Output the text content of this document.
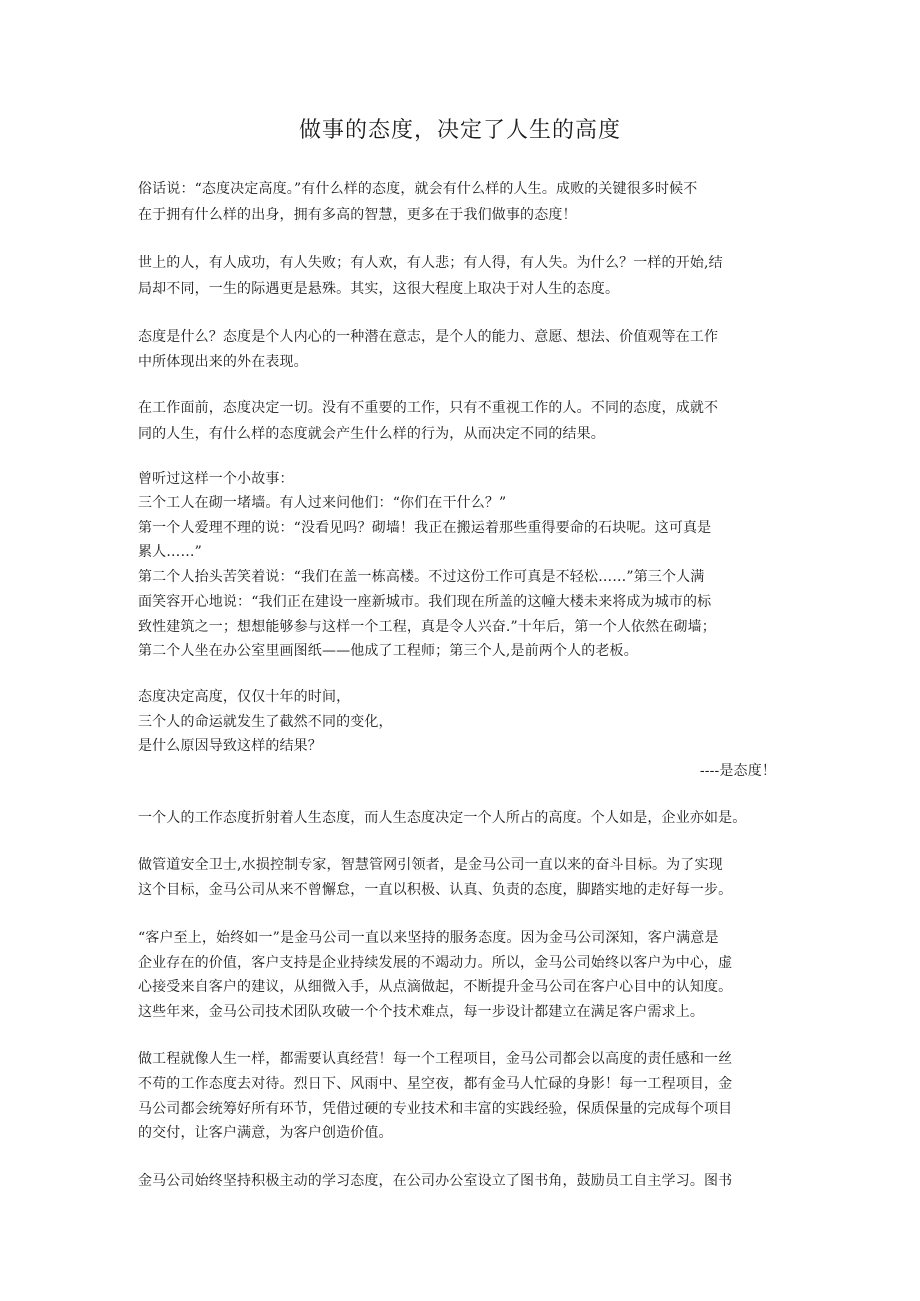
做事的态度，决定了人生的高度
俗话说：“态度决定高度。”有什么样的态度，就会有什么样的人生。成败的关键很多时候不
在于拥有什么样的出身，拥有多高的智慧，更多在于我们做事的态度！
世上的人，有人成功，有人失败；有人欢，有人悲；有人得，有人失。为什么？一样的开始,结
局却不同，一生的际遇更是悬殊。其实，这很大程度上取决于对人生的态度。
态度是什么？态度是个人内心的一种潜在意志，是个人的能力、意愿、想法、价值观等在工作
中所体现出来的外在表现。
在工作面前，态度决定一切。没有不重要的工作，只有不重视工作的人。不同的态度，成就不
同的人生，有什么样的态度就会产生什么样的行为，从而决定不同的结果。
曾听过这样一个小故事：
三个工人在砌一堵墙。有人过来问他们：“你们在干什么？”
第一个人爱理不理的说：“没看见吗？砌墙！我正在搬运着那些重得要命的石块呢。这可真是
累人……”
第二个人抬头苦笑着说：“我们在盖一栋高楼。不过这份工作可真是不轻松……”第三个人满
面笑容开心地说：“我们正在建设一座新城市。我们现在所盖的这幢大楼未来将成为城市的标
致性建筑之一；想想能够参与这样一个工程，真是令人兴奋.”十年后，第一个人依然在砌墙；
第二个人坐在办公室里画图纸——他成了工程师；第三个人,是前两个人的老板。
态度决定高度，仅仅十年的时间，
三个人的命运就发生了截然不同的变化，
是什么原因导致这样的结果？
----是态度！
一个人的工作态度折射着人生态度，而人生态度决定一个人所占的高度。个人如是，企业亦如是。
做管道安全卫士,水损控制专家，智慧管网引领者，是金马公司一直以来的奋斗目标。为了实现
这个目标，金马公司从来不曾懈怠，一直以积极、认真、负责的态度，脚踏实地的走好每一步。
“客户至上，始终如一”是金马公司一直以来坚持的服务态度。因为金马公司深知，客户满意是
企业存在的价值，客户支持是企业持续发展的不竭动力。所以，金马公司始终以客户为中心，虚
心接受来自客户的建议，从细微入手，从点滴做起，不断提升金马公司在客户心目中的认知度。
这些年来，金马公司技术团队攻破一个个技术难点，每一步设计都建立在满足客户需求上。
做工程就像人生一样，都需要认真经营！每一个工程项目，金马公司都会以高度的责任感和一丝
不苟的工作态度去对待。烈日下、风雨中、星空夜，都有金马人忙碌的身影！每一工程项目，金
马公司都会统筹好所有环节，凭借过硬的专业技术和丰富的实践经验，保质保量的完成每个项目
的交付，让客户满意，为客户创造价值。
金马公司始终坚持积极主动的学习态度，在公司办公室设立了图书角，鼓励员工自主学习。图书
